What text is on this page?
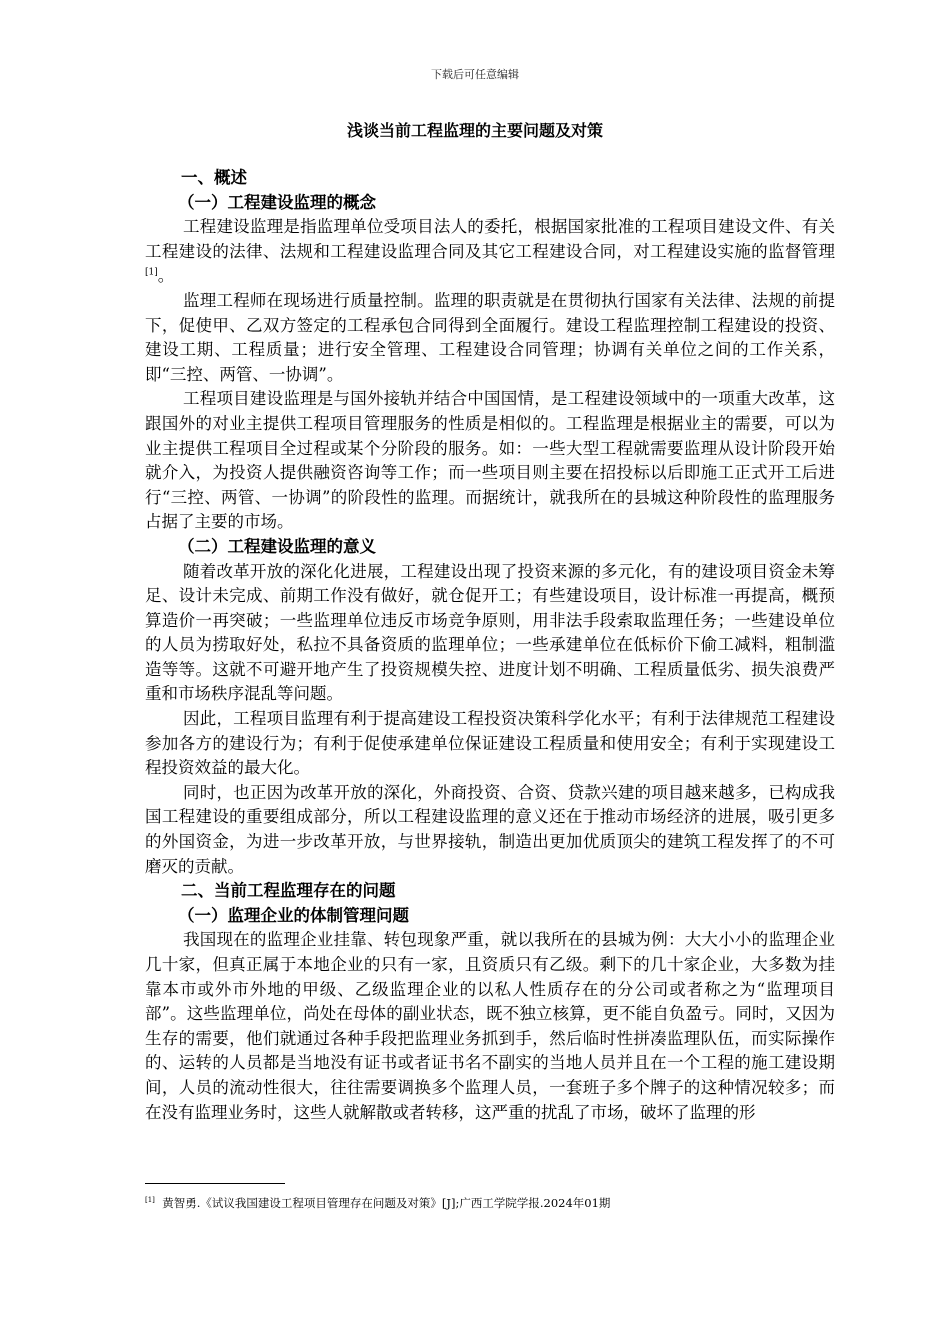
下载后可任意编辑
浅谈当前工程监理的主要问题及对策
一、概述
（一）工程建设监理的概念

工程建设监理是指监理单位受项目法人的委托，根据国家批准的工程项目建设文件、有关工程建设的法律、法规和工程建设监理合同及其它工程建设合同，对工程建设实施的监督管理[1]。

监理工程师在现场进行质量控制。监理的职责就是在贯彻执行国家有关法律、法规的前提下，促使甲、乙双方签定的工程承包合同得到全面履行。建设工程监理控制工程建设的投资、建设工期、工程质量；进行安全管理、工程建设合同管理；协调有关单位之间的工作关系，即“三控、两管、一协调”。

工程项目建设监理是与国外接轨并结合中国国情，是工程建设领域中的一项重大改革，这跟国外的对业主提供工程项目管理服务的性质是相似的。工程监理是根据业主的需要，可以为业主提供工程项目全过程或某个分阶段的服务。如：一些大型工程就需要监理从设计阶段开始就介入，为投资人提供融资咨询等工作；而一些项目则主要在招投标以后即施工正式开工后进行“三控、两管、一协调”的阶段性的监理。而据统计，就我所在的县城这种阶段性的监理服务占据了主要的市场。

（二）工程建设监理的意义

随着改革开放的深化化进展，工程建设出现了投资来源的多元化，有的建设项目资金未筹足、设计未完成、前期工作没有做好，就仓促开工；有些建设项目，设计标准一再提高，概预算造价一再突破；一些监理单位违反市场竞争原则，用非法手段索取监理任务；一些建设单位的人员为捞取好处，私拉不具备资质的监理单位；一些承建单位在低标价下偷工减料，粗制滥造等等。这就不可避开地产生了投资规模失控、进度计划不明确、工程质量低劣、损失浪费严重和市场秩序混乱等问题。

因此，工程项目监理有利于提高建设工程投资决策科学化水平；有利于法律规范工程建设参加各方的建设行为；有利于促使承建单位保证建设工程质量和使用安全；有利于实现建设工程投资效益的最大化。

同时，也正因为改革开放的深化，外商投资、合资、贷款兴建的项目越来越多，已构成我国工程建设的重要组成部分，所以工程建设监理的意义还在于推动市场经济的进展，吸引更多的外国资金，为进一步改革开放，与世界接轨，制造出更加优质顶尖的建筑工程发挥了的不可磨灭的贡献。

二、当前工程监理存在的问题
（一）监理企业的体制管理问题

我国现在的监理企业挂靠、转包现象严重，就以我所在的县城为例：大大小小的监理企业几十家，但真正属于本地企业的只有一家，且资质只有乙级。剩下的几十家企业，大多数为挂靠本市或外市外地的甲级、乙级监理企业的以私人性质存在的分公司或者称之为“监理项目部”。这些监理单位，尚处在母体的副业状态，既不独立核算，更不能自负盈亏。同时，又因为生存的需要，他们就通过各种手段把监理业务抓到手，然后临时性拼凑监理队伍，而实际操作的、运转的人员都是当地没有证书或者证书名不副实的当地人员并且在一个工程的施工建设期间，人员的流动性很大，往往需要调换多个监理人员，一套班子多个牌子的这种情况较多；而在没有监理业务时，这些人就解散或者转移，这严重的扰乱了市场，破坏了监理的形

[1] 黄智勇.《试议我国建设工程项目管理存在问题及对策》[J];广西工学院学报.2024年01期
